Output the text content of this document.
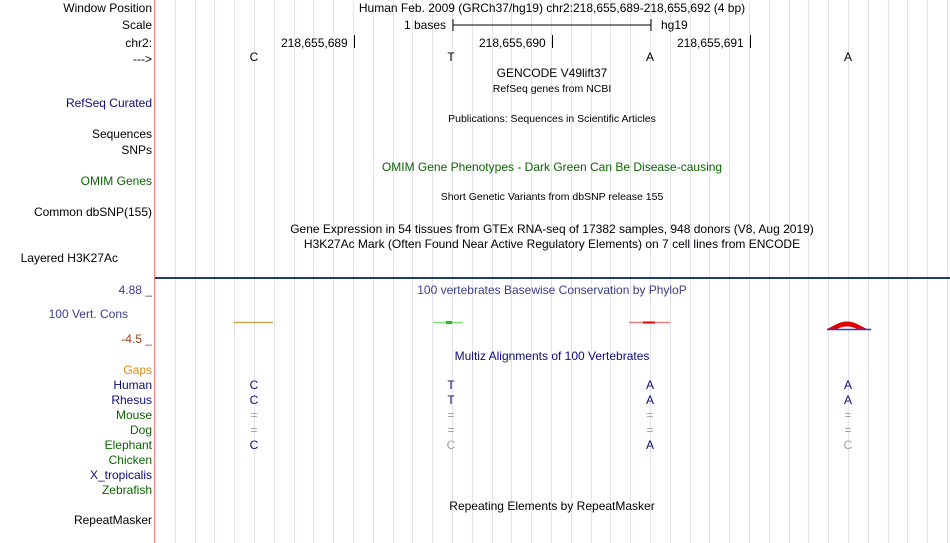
Window Position	Human Feb. 2009 (GRCh37/hg19) chr2:218,655,689-218,655,692 (4 bp)
Scale	1 bases	hg19
chr2:	218,655,689	218,655,690	218,655,691
--->	C	T	A	A
GENCODE V49lift37
RefSeq genes from NCBI
RefSeq Curated
Publications: Sequences in Scientific Articles
Sequences
SNPs
OMIM Gene Phenotypes - Dark Green Can Be Disease-causing
OMIM Genes
Short Genetic Variants from dbSNP release 155
Common dbSNP(155)
Gene Expression in 54 tissues from GTEx RNA-seq of 17382 samples, 948 donors (V8, Aug 2019)
H3K27Ac Mark (Often Found Near Active Regulatory Elements) on 7 cell lines from ENCODE
Layered H3K27Ac
100 vertebrates Basewise Conservation by PhyloP
4.88 _
100 Vert. Cons
-4.5 _
Multiz Alignments of 100 Vertebrates
Gaps
Human	C	T	A	A
Rhesus	C	T	A	A
Mouse	=	=	=	=
Dog	=	=	=	=
Elephant	C	C	A	C
Chicken
X_tropicalis
Zebrafish
Repeating Elements by RepeatMasker
RepeatMasker
